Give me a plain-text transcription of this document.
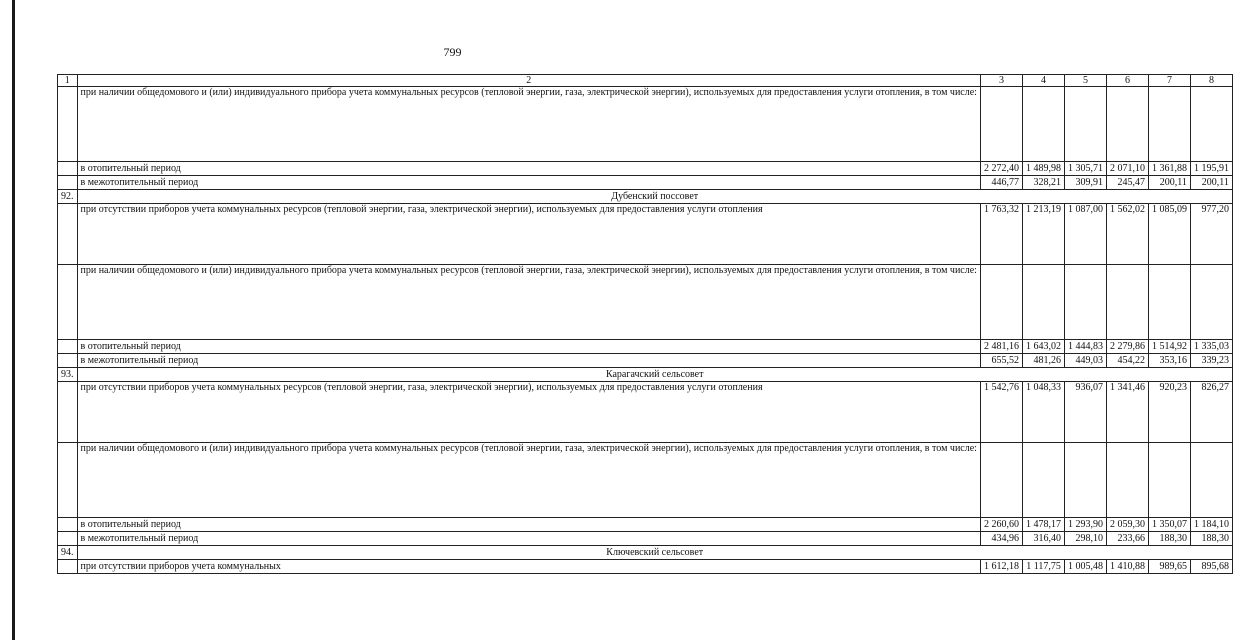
799
1	2	3	4	5	6	7	8
	при наличии общедомового и (или) индивидуального прибора учета коммунальных ресурсов (тепловой энергии, газа, электрической энергии), используемых для предоставления услуги отопления, в том числе:						
	в отопительный период	2 272,40	1 489,98	1 305,71	2 071,10	1 361,88	1 195,91
	в межотопительный период	446,77	328,21	309,91	245,47	200,11	200,11
92.	Дубенский поссовет						
	при отсутствии приборов учета коммунальных ресурсов (тепловой энергии, газа, электрической энергии), используемых для предоставления услуги отопления	1 763,32	1 213,19	1 087,00	1 562,02	1 085,09	977,20
	при наличии общедомового и (или) индивидуального прибора учета коммунальных ресурсов (тепловой энергии, газа, электрической энергии), используемых для предоставления услуги отопления, в том числе:						
	в отопительный период	2 481,16	1 643,02	1 444,83	2 279,86	1 514,92	1 335,03
	в межотопительный период	655,52	481,26	449,03	454,22	353,16	339,23
93.	Карагачский сельсовет						
	при отсутствии приборов учета коммунальных ресурсов (тепловой энергии, газа, электрической энергии), используемых для предоставления услуги отопления	1 542,76	1 048,33	936,07	1 341,46	920,23	826,27
	при наличии общедомового и (или) индивидуального прибора учета коммунальных ресурсов (тепловой энергии, газа, электрической энергии), используемых для предоставления услуги отопления, в том числе:						
	в отопительный период	2 260,60	1 478,17	1 293,90	2 059,30	1 350,07	1 184,10
	в межотопительный период	434,96	316,40	298,10	233,66	188,30	188,30
94.	Ключевский сельсовет						
	при отсутствии приборов учета коммунальных	1 612,18	1 117,75	1 005,48	1 410,88	989,65	895,68
